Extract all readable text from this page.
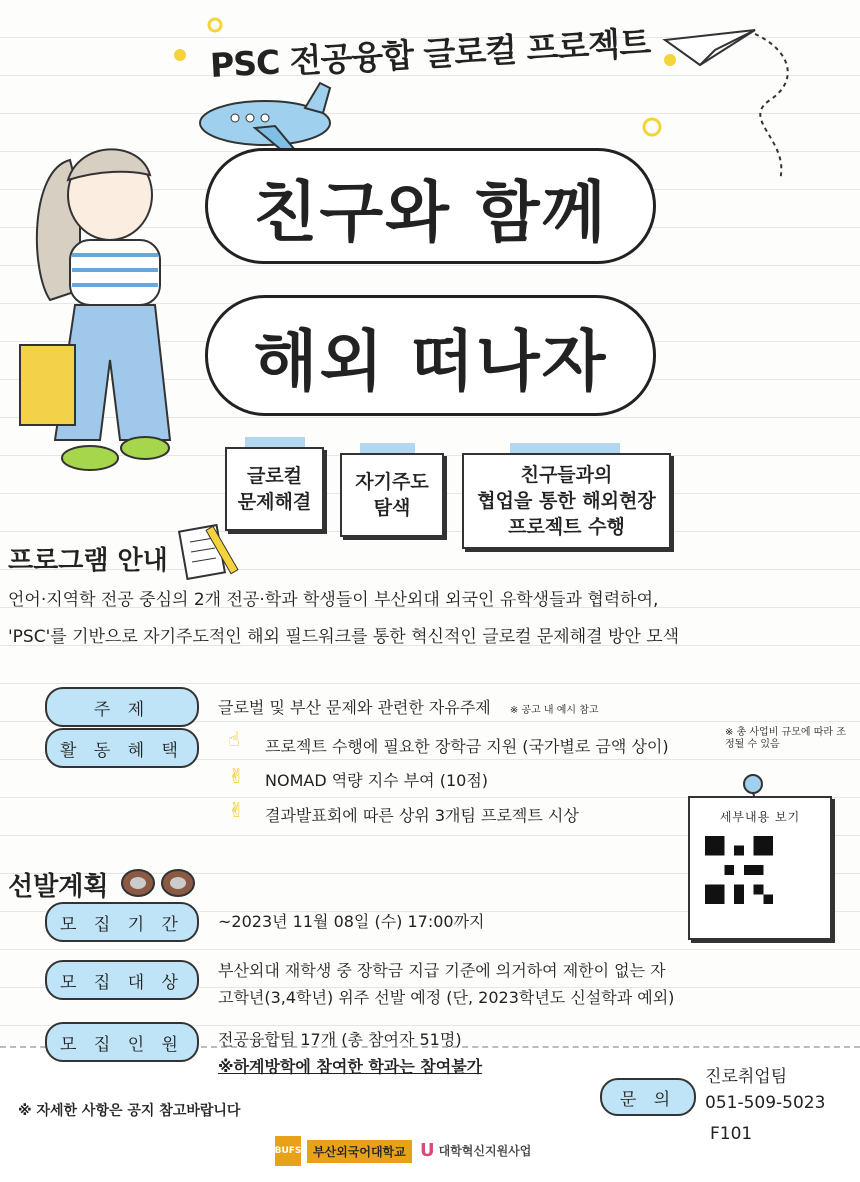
PSC 전공융합 글로컬 프로젝트
친구와 함께
해외 떠나자
글로컬
문제해결
자기주도
탐색
친구들과의
협업을 통한 해외현장
프로젝트 수행
프로그램 안내
언어·지역학 전공 중심의 2개 전공·학과 학생들이 부산외대 외국인 유학생들과 협력하여,
'PSC'를 기반으로 자기주도적인 해외 필드워크를 통한 혁신적인 글로컬 문제해결 방안 모색
주 제	글로벌 및 부산 문제와 관련한 자유주제 ※ 공고 내 예시 참고
활 동 혜 택 ☝ 프로젝트 수행에 필요한 장학금 지원 (국가별로 금액 상이)
※ 총 사업비 규모에 따라 조정될 수 있음
✌ NOMAD 역량 지수 부여 (10점)
✌ 결과발표회에 따른 상위 3개팀 프로젝트 시상	세부내용 보기
선발계획
모 집 기 간 ~2023년 11월 08일 (수) 17:00까지
모 집 대 상
부산외대 재학생 중 장학금 지급 기준에 의거하여 제한이 없는 자
고학년(3,4학년) 위주 선발 예정 (단, 2023학년도 신설학과 예외)
모 집 인 원 전공융합팀 17개 (총 참여자 51명)
※하계방학에 참여한 학과는 참여불가
※ 자세한 사항은 공지 참고바랍니다
문 의
진로취업팀
051-509-5023
F101
BUFS 부산외국어대학교 U 대학혁신지원사업
